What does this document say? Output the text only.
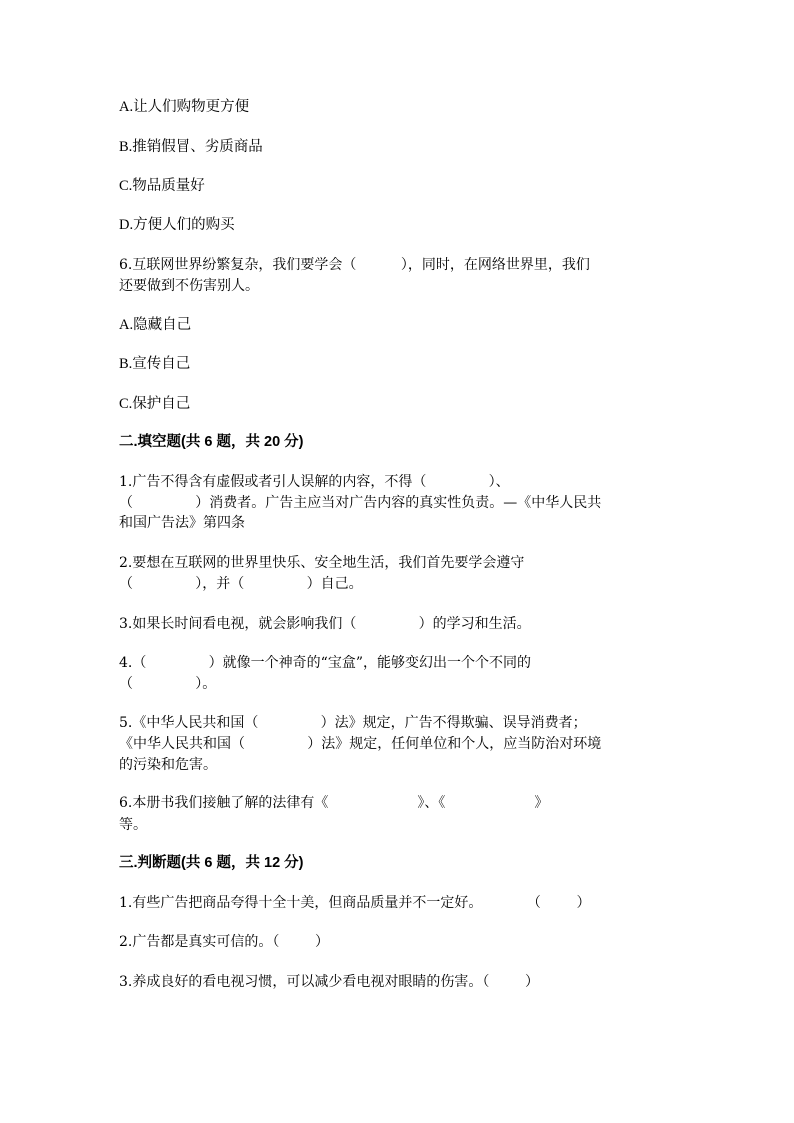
A.让人们购物更方便
B.推销假冒、劣质商品
C.物品质量好
D.方便人们的购买
6.互联网世界纷繁复杂，我们要学会（          ），同时，在网络世界里，我们
还要做到不伤害别人。
A.隐藏自己
B.宣传自己
C.保护自己
二.填空题(共 6 题，共 20 分)
1.广告不得含有虚假或者引人误解的内容，不得（              ）、
（              ）消费者。广告主应当对广告内容的真实性负责。—《中华人民共
和国广告法》第四条
2.要想在互联网的世界里快乐、安全地生活，我们首先要学会遵守
（              ），并（              ）自己。
3.如果长时间看电视，就会影响我们（              ）的学习和生活。
4.（              ）就像一个神奇的“宝盒”，能够变幻出一个个不同的
（              ）。
5.《中华人民共和国（              ）法》规定，广告不得欺骗、误导消费者；
《中华人民共和国（              ）法》规定，任何单位和个人，应当防治对环境
的污染和危害。
6.本册书我们接触了解的法律有《                    》、《                    》
等。
三.判断题(共 6 题，共 12 分)
1.有些广告把商品夸得十全十美，但商品质量并不一定好。          （        ）
2.广告都是真实可信的。（        ）
3.养成良好的看电视习惯，可以减少看电视对眼睛的伤害。（        ）
